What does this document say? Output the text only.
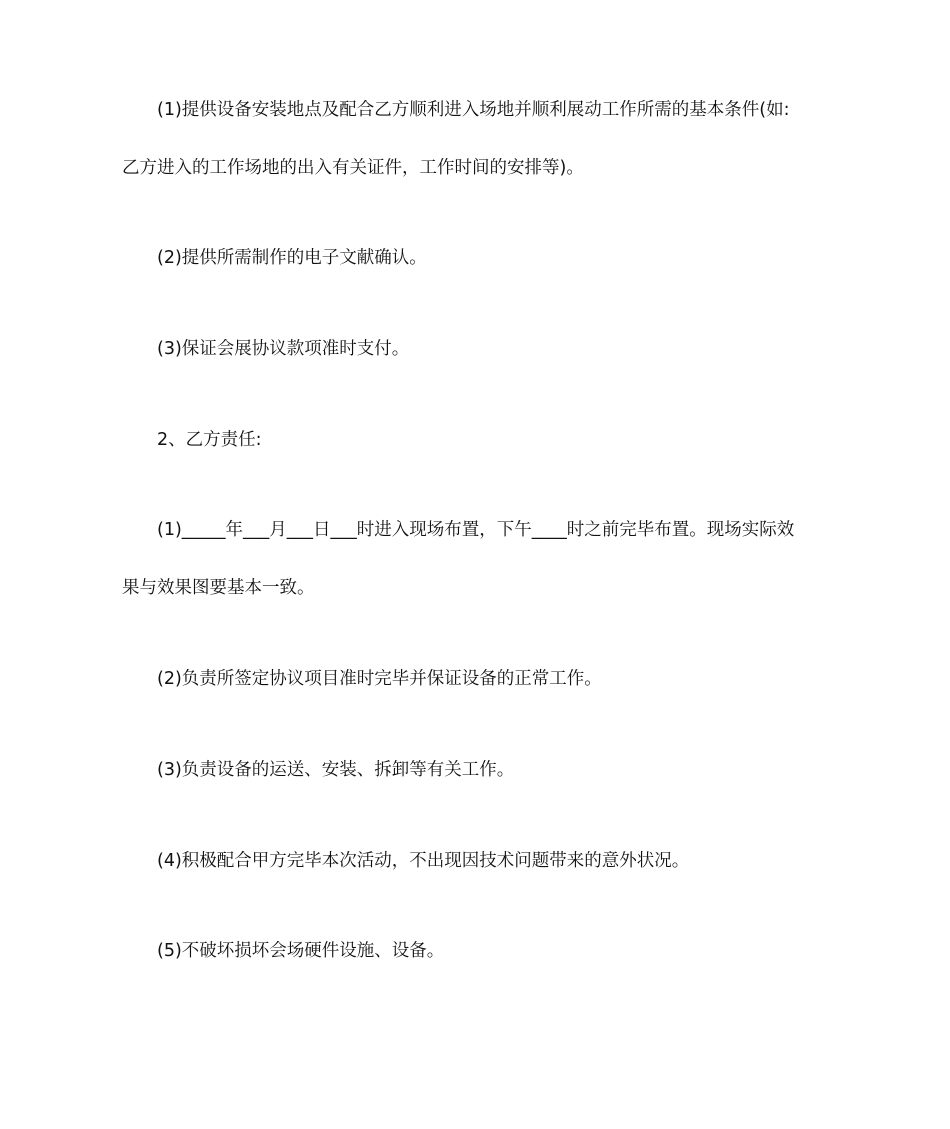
(1)提供设备安装地点及配合乙方顺利进入场地并顺利展动工作所需的基本条件(如:
乙方进入的工作场地的出入有关证件，工作时间的安排等)。
(2)提供所需制作的电子文献确认。
(3)保证会展协议款项准时支付。
2、乙方责任:
(1)_____年___月___日___时进入现场布置，下午____时之前完毕布置。现场实际效
果与效果图要基本一致。
(2)负责所签定协议项目准时完毕并保证设备的正常工作。
(3)负责设备的运送、安装、拆卸等有关工作。
(4)积极配合甲方完毕本次活动，不出现因技术问题带来的意外状况。
(5)不破坏损坏会场硬件设施、设备。
